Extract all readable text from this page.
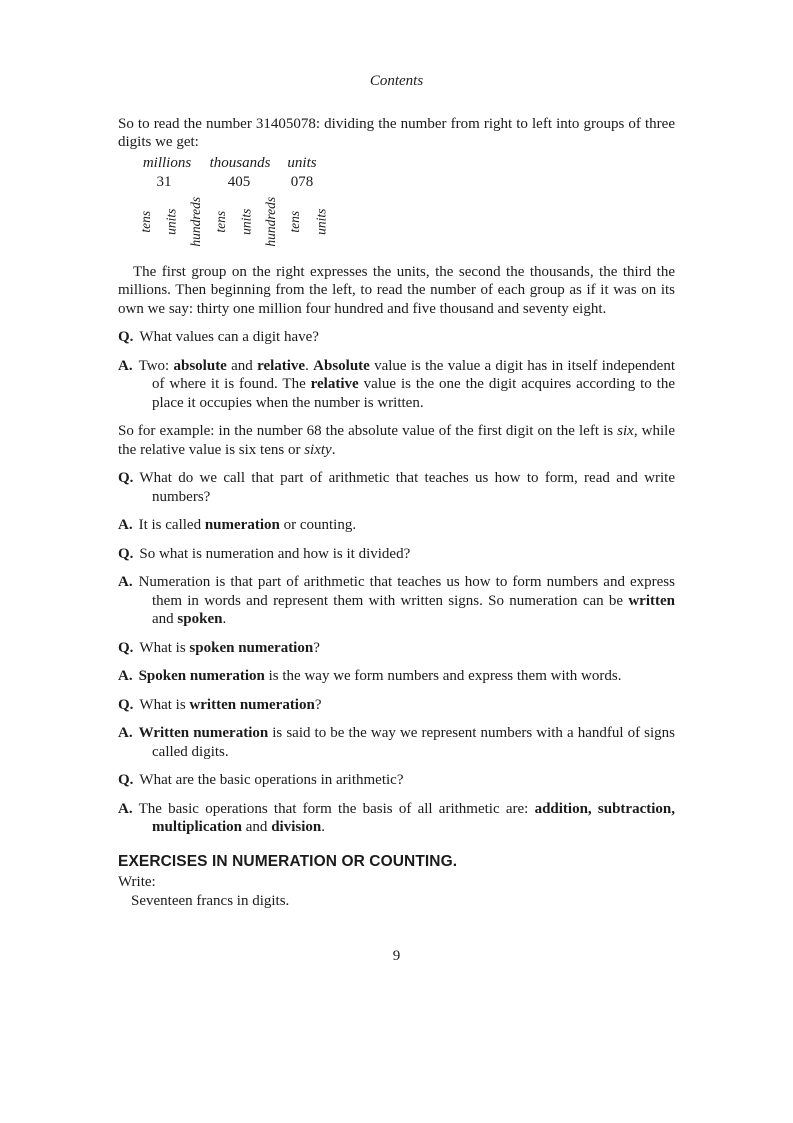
Contents

So to read the number 31405078: dividing the number from right to left into groups of three digits we get:

millions thousands units
31	405	078
tens units hundreds tens units hundreds tens units

The first group on the right expresses the units, the second the thousands, the third the millions. Then beginning from the left, to read the number of each group as if it was on its own we say: thirty one million four hundred and five thousand and seventy eight.

Q. What values can a digit have?

A. Two: absolute and relative. Absolute value is the value a digit has in itself independent of where it is found. The relative value is the one the digit acquires according to the place it occupies when the number is written.

So for example: in the number 68 the absolute value of the first digit on the left is six, while the relative value is six tens or sixty.

Q. What do we call that part of arithmetic that teaches us how to form, read and write numbers?

A. It is called numeration or counting.

Q. So what is numeration and how is it divided?

A. Numeration is that part of arithmetic that teaches us how to form numbers and express them in words and represent them with written signs. So numeration can be written and spoken.

Q. What is spoken numeration?

A. Spoken numeration is the way we form numbers and express them with words.

Q. What is written numeration?

A. Written numeration is said to be the way we represent numbers with a handful of signs called digits.

Q. What are the basic operations in arithmetic?

A. The basic operations that form the basis of all arithmetic are: addition, subtraction, multiplication and division.

EXERCISES IN NUMERATION OR COUNTING.

Write:

Seventeen francs in digits.

9
